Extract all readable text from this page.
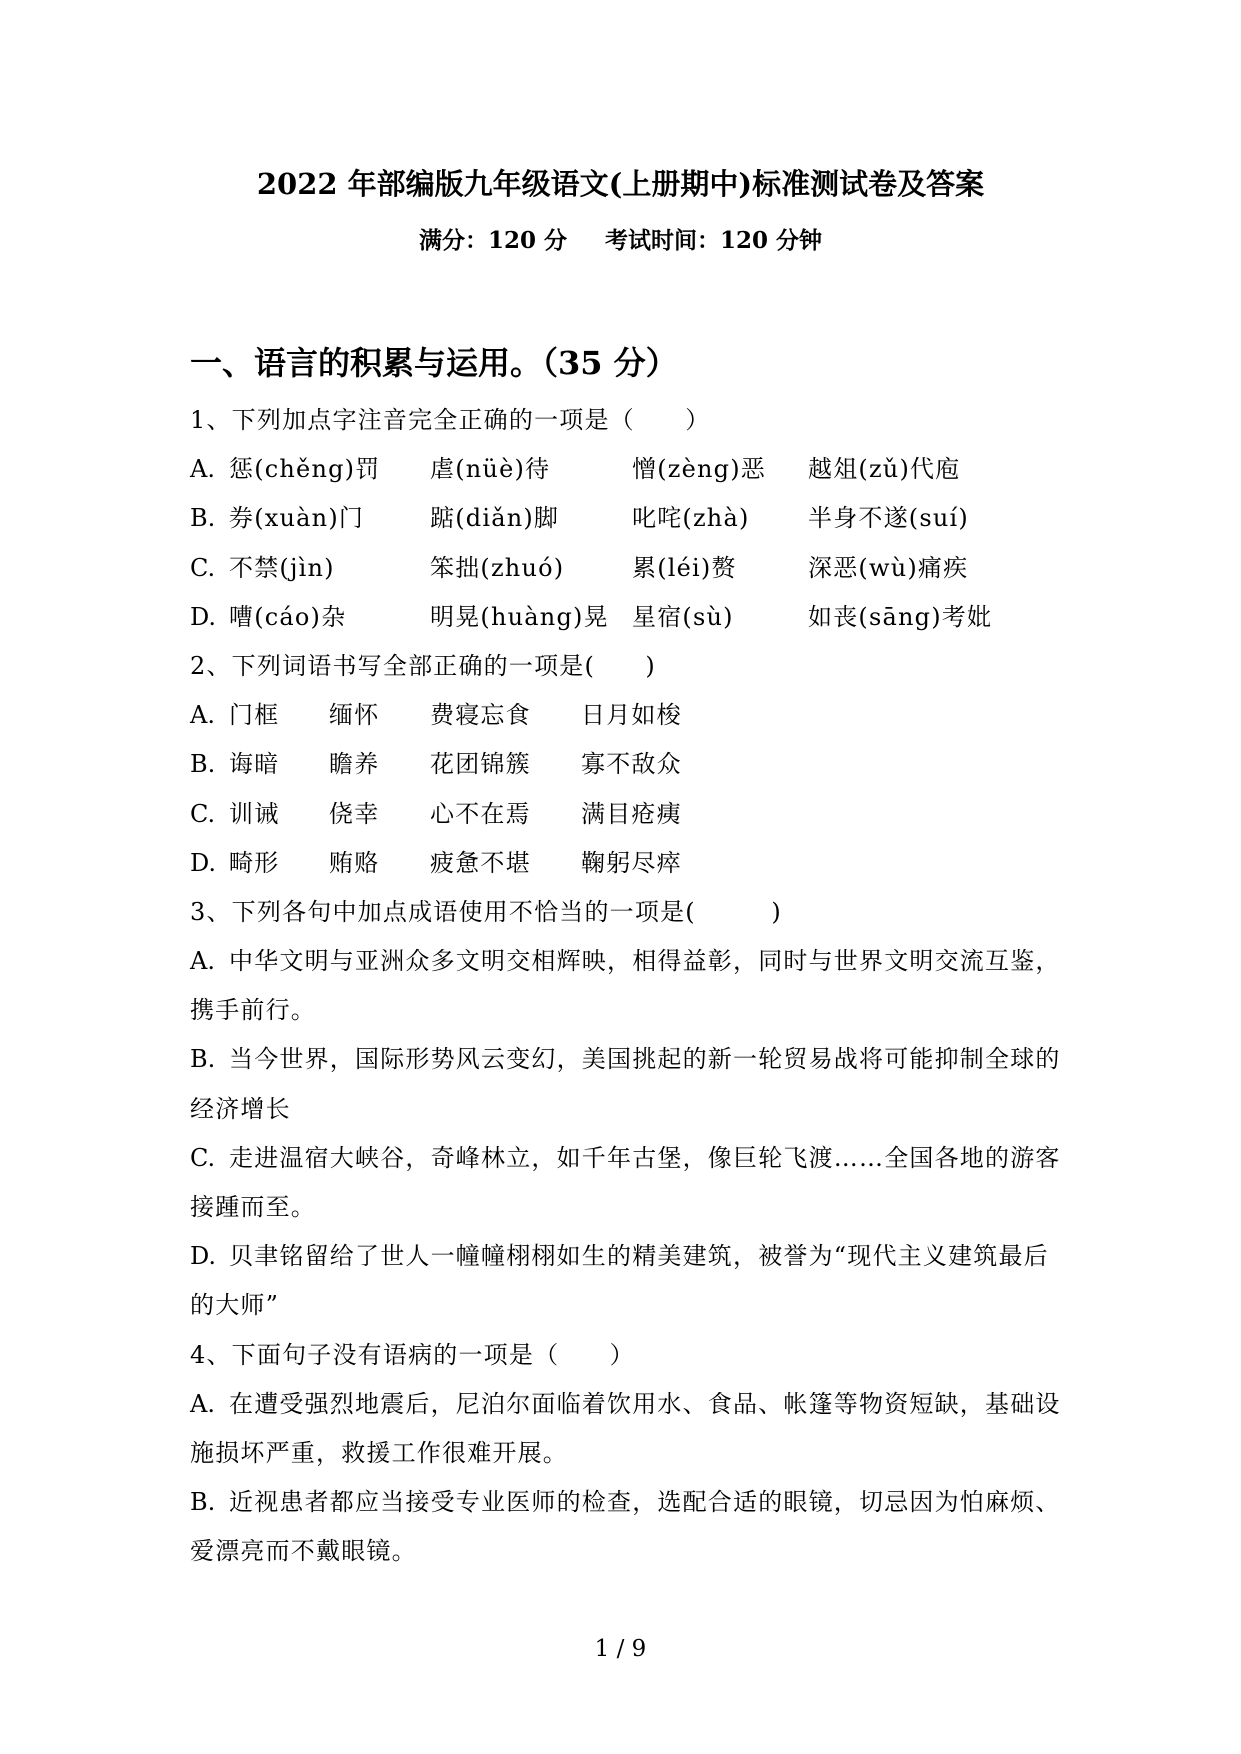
2022 年部编版九年级语文(上册期中)标准测试卷及答案
满分：120 分 考试时间：120 分钟
一、语言的积累与运用。（35 分）
1、下列加点字注音完全正确的一项是（　　）
A. 惩(chěng)罚 虐(nüè)待	憎(zèng)恶 越俎(zǔ)代庖
B. 券(xuàn)门	踮(diǎn)脚	叱咤(zhà) 半身不遂(suí)
C. 不禁(jìn)	笨拙(zhuó)	累(léi)赘	深恶(wù)痛疾
D. 嘈(cáo)杂	明晃(huàng)晃 星宿(sù)	如丧(sāng)考妣
2、下列词语书写全部正确的一项是(　　)
A. 门框 缅怀 费寝忘食 日月如梭
B. 诲暗 瞻养 花团锦簇 寡不敌众
C. 训诫 侥幸 心不在焉 满目疮痍
D. 畸形 贿赂 疲惫不堪 鞠躬尽瘁
3、下列各句中加点成语使用不恰当的一项是(　　　)
A. 中华文明与亚洲众多文明交相辉映，相得益彰，同时与世界文明交流互鉴，
携手前行。
B. 当今世界，国际形势风云变幻，美国挑起的新一轮贸易战将可能抑制全球的
经济增长
C. 走进温宿大峡谷，奇峰林立，如千年古堡，像巨轮飞渡……全国各地的游客
接踵而至。
D. 贝聿铭留给了世人一幢幢栩栩如生的精美建筑，被誉为“现代主义建筑最后
的大师”
4、下面句子没有语病的一项是（　　）
A. 在遭受强烈地震后，尼泊尔面临着饮用水、食品、帐篷等物资短缺，基础设
施损坏严重，救援工作很难开展。
B. 近视患者都应当接受专业医师的检查，选配合适的眼镜，切忌因为怕麻烦、
爱漂亮而不戴眼镜。
1 / 9
